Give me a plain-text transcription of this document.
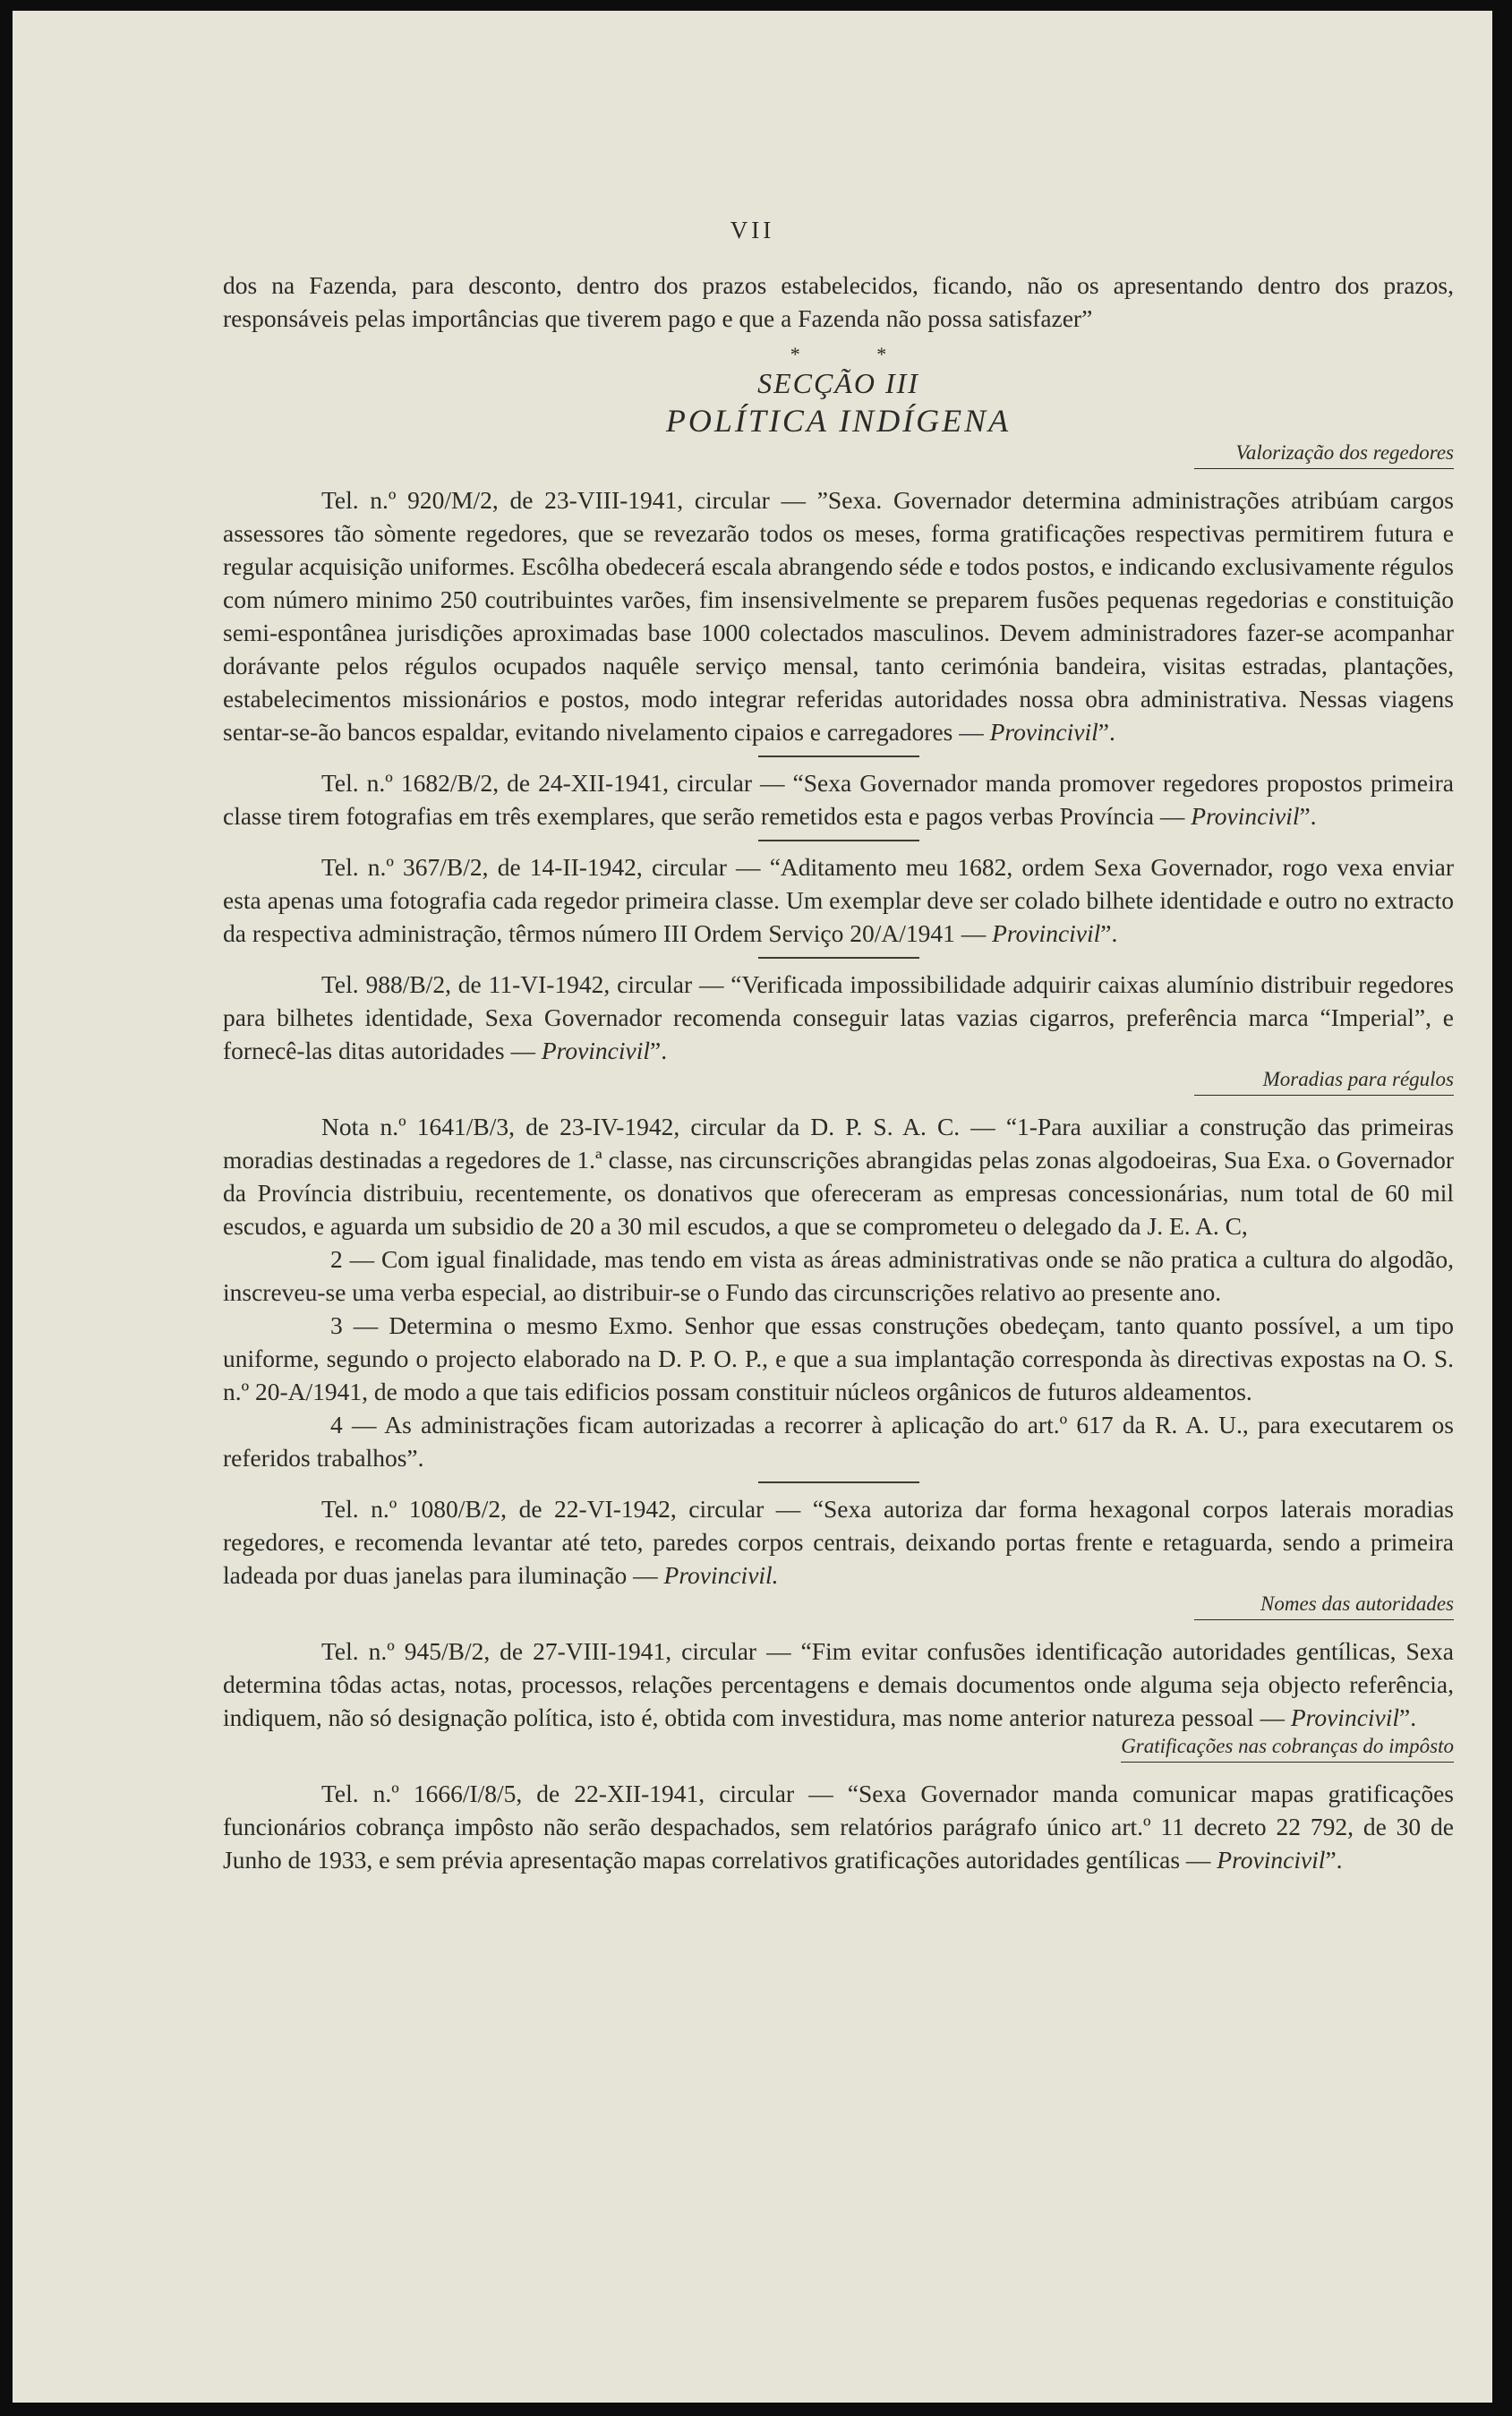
VII

dos na Fazenda, para desconto, dentro dos prazos estabelecidos, ficando, não os apresentando dentro dos prazos, responsáveis pelas importâncias que tiverem pago e que a Fazenda não possa satisfazer”

* *
SECÇÃO III
POLÍTICA INDÍGENA
Valorização dos regedores

Tel. n.º 920/M/2, de 23-VIII-1941, circular — ”Sexa. Governador determina administrações atribúam cargos assessores tão sòmente regedores, que se revezarão todos os meses, forma gratificações respectivas permitirem futura e regular acquisição uniformes. Escôlha obedecerá escala abrangendo séde e todos postos, e indicando exclusivamente régulos com número minimo 250 coutribuintes varões, fim insensivelmente se preparem fusões pequenas regedorias e constituição semi-espontânea jurisdições aproximadas base 1000 colectados masculinos. Devem administradores fazer-se acompanhar dorávante pelos régulos ocupados naquêle serviço mensal, tanto cerimónia bandeira, visitas estradas, plantações, estabelecimentos missionários e postos, modo integrar referidas autoridades nossa obra administrativa. Nessas viagens sentar-se-ão bancos espaldar, evitando nivelamento cipaios e carregadores — Provincivil”.

Tel. n.º 1682/B/2, de 24-XII-1941, circular — “Sexa Governador manda promover regedores propostos primeira classe tirem fotografias em três exemplares, que serão remetidos esta e pagos verbas Província — Provincivil”.

Tel. n.º 367/B/2, de 14-II-1942, circular — “Aditamento meu 1682, ordem Sexa Governador, rogo vexa enviar esta apenas uma fotografia cada regedor primeira classe. Um exemplar deve ser colado bilhete identidade e outro no extracto da respectiva administração, têrmos número III Ordem Serviço 20/A/1941 — Provincivil”.

Tel. 988/B/2, de 11-VI-1942, circular — “Verificada impossibilidade adquirir caixas alumínio distribuir regedores para bilhetes identidade, Sexa Governador recomenda conseguir latas vazias cigarros, preferência marca “Imperial”, e fornecê-las ditas autoridades — Provincivil”.

Moradias para régulos

Nota n.º 1641/B/3, de 23-IV-1942, circular da D. P. S. A. C. — “1-Para auxiliar a construção das primeiras moradias destinadas a regedores de 1.ª classe, nas circunscrições abrangidas pelas zonas algodoeiras, Sua Exa. o Governador da Província distribuiu, recentemente, os donativos que ofereceram as empresas concessionárias, num total de 60 mil escudos, e aguarda um subsidio de 20 a 30 mil escudos, a que se comprometeu o delegado da J. E. A. C,

2 — Com igual finalidade, mas tendo em vista as áreas administrativas onde se não pratica a cultura do algodão, inscreveu-se uma verba especial, ao distribuir-se o Fundo das circunscrições relativo ao presente ano.

3 — Determina o mesmo Exmo. Senhor que essas construções obedeçam, tanto quanto possível, a um tipo uniforme, segundo o projecto elaborado na D. P. O. P., e que a sua implantação corresponda às directivas expostas na O. S. n.º 20-A/1941, de modo a que tais edificios possam constituir núcleos orgânicos de futuros aldeamentos.

4 — As administrações ficam autorizadas a recorrer à aplicação do art.º 617 da R. A. U., para executarem os referidos trabalhos”.

Tel. n.º 1080/B/2, de 22-VI-1942, circular — “Sexa autoriza dar forma hexagonal corpos laterais moradias regedores, e recomenda levantar até teto, paredes corpos centrais, deixando portas frente e retaguarda, sendo a primeira ladeada por duas janelas para iluminação — Provincivil.

Nomes das autoridades

Tel. n.º 945/B/2, de 27-VIII-1941, circular — “Fim evitar confusões identificação autoridades gentílicas, Sexa determina tôdas actas, notas, processos, relações percentagens e demais documentos onde alguma seja objecto referência, indiquem, não só designação política, isto é, obtida com investidura, mas nome anterior natureza pessoal — Provincivil”.

Gratificações nas cobranças do impôsto

Tel. n.º 1666/I/8/5, de 22-XII-1941, circular — “Sexa Governador manda comunicar mapas gratificações funcionários cobrança impôsto não serão despachados, sem relatórios parágrafo único art.º 11 decreto 22 792, de 30 de Junho de 1933, e sem prévia apresentação mapas correlativos gratificações autoridades gentílicas — Provincivil”.
